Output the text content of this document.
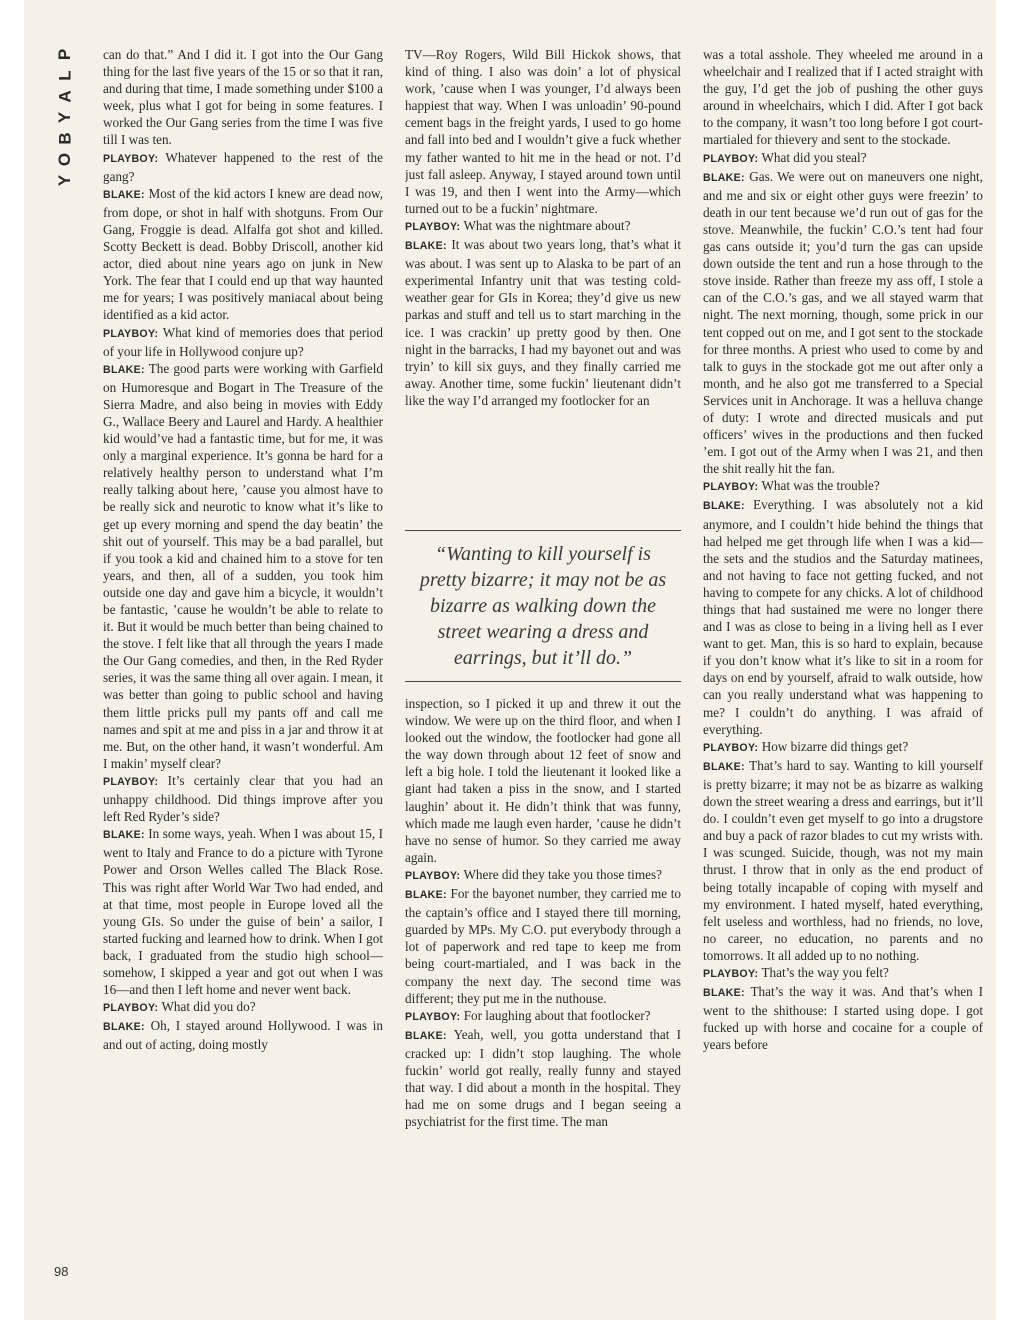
P
L
A
Y
B
O
Y

can do that.” And I did it. I got into the Our Gang thing for the last five years of the 15 or so that it ran, and during that time, I made something under $100 a week, plus what I got for being in some features. I worked the Our Gang series from the time I was five till I was ten.

PLAYBOY: Whatever happened to the rest of the gang?

BLAKE: Most of the kid actors I knew are dead now, from dope, or shot in half with shotguns. From Our Gang, Froggie is dead. Alfalfa got shot and killed. Scotty Beckett is dead. Bobby Driscoll, another kid actor, died about nine years ago on junk in New York. The fear that I could end up that way haunted me for years; I was positively maniacal about being identified as a kid actor.

PLAYBOY: What kind of memories does that period of your life in Hollywood conjure up?

BLAKE: The good parts were working with Garfield on Humoresque and Bogart in The Treasure of the Sierra Madre, and also being in movies with Eddy G., Wallace Beery and Laurel and Hardy. A healthier kid would’ve had a fantastic time, but for me, it was only a marginal experience. It’s gonna be hard for a relatively healthy person to understand what I’m really talking about here, ’cause you almost have to be really sick and neurotic to know what it’s like to get up every morning and spend the day beatin’ the shit out of yourself. This may be a bad parallel, but if you took a kid and chained him to a stove for ten years, and then, all of a sudden, you took him outside one day and gave him a bicycle, it wouldn’t be fantastic, ’cause he wouldn’t be able to relate to it. But it would be much better than being chained to the stove. I felt like that all through the years I made the Our Gang comedies, and then, in the Red Ryder series, it was the same thing all over again. I mean, it was better than going to public school and having them little pricks pull my pants off and call me names and spit at me and piss in a jar and throw it at me. But, on the other hand, it wasn’t wonderful. Am I makin’ myself clear?

PLAYBOY: It’s certainly clear that you had an unhappy childhood. Did things improve after you left Red Ryder’s side?

BLAKE: In some ways, yeah. When I was about 15, I went to Italy and France to do a picture with Tyrone Power and Orson Welles called The Black Rose. This was right after World War Two had ended, and at that time, most people in Europe loved all the young GIs. So under the guise of bein’ a sailor, I started fucking and learned how to drink. When I got back, I graduated from the studio high school—somehow, I skipped a year and got out when I was 16—and then I left home and never went back.

PLAYBOY: What did you do?

BLAKE: Oh, I stayed around Hollywood. I was in and out of acting, doing mostly

TV—Roy Rogers, Wild Bill Hickok shows, that kind of thing. I also was doin’ a lot of physical work, ’cause when I was younger, I’d always been happiest that way. When I was unloadin’ 90-pound cement bags in the freight yards, I used to go home and fall into bed and I wouldn’t give a fuck whether my father wanted to hit me in the head or not. I’d just fall asleep. Anyway, I stayed around town until I was 19, and then I went into the Army—which turned out to be a fuckin’ nightmare.

PLAYBOY: What was the nightmare about?

BLAKE: It was about two years long, that’s what it was about. I was sent up to Alaska to be part of an experimental Infantry unit that was testing cold-weather gear for GIs in Korea; they’d give us new parkas and stuff and tell us to start marching in the ice. I was crackin’ up pretty good by then. One night in the barracks, I had my bayonet out and was tryin’ to kill six guys, and they finally carried me away. Another time, some fuckin’ lieutenant didn’t like the way I’d arranged my footlocker for an

“Wanting to kill yourself is pretty bizarre; it may not be as bizarre as walking down the street wearing a dress and earrings, but it’ll do.”

inspection, so I picked it up and threw it out the window. We were up on the third floor, and when I looked out the window, the footlocker had gone all the way down through about 12 feet of snow and left a big hole. I told the lieutenant it looked like a giant had taken a piss in the snow, and I started laughin’ about it. He didn’t think that was funny, which made me laugh even harder, ’cause he didn’t have no sense of humor. So they carried me away again.

PLAYBOY: Where did they take you those times?

BLAKE: For the bayonet number, they carried me to the captain’s office and I stayed there till morning, guarded by MPs. My C.O. put everybody through a lot of paperwork and red tape to keep me from being court-martialed, and I was back in the company the next day. The second time was different; they put me in the nuthouse.

PLAYBOY: For laughing about that footlocker?

BLAKE: Yeah, well, you gotta understand that I cracked up: I didn’t stop laughing. The whole fuckin’ world got really, really funny and stayed that way. I did about a month in the hospital. They had me on some drugs and I began seeing a psychiatrist for the first time. The man

was a total asshole. They wheeled me around in a wheelchair and I realized that if I acted straight with the guy, I’d get the job of pushing the other guys around in wheelchairs, which I did. After I got back to the company, it wasn’t too long before I got court-martialed for thievery and sent to the stockade.

PLAYBOY: What did you steal?

BLAKE: Gas. We were out on maneuvers one night, and me and six or eight other guys were freezin’ to death in our tent because we’d run out of gas for the stove. Meanwhile, the fuckin’ C.O.’s tent had four gas cans outside it; you’d turn the gas can upside down outside the tent and run a hose through to the stove inside. Rather than freeze my ass off, I stole a can of the C.O.’s gas, and we all stayed warm that night. The next morning, though, some prick in our tent copped out on me, and I got sent to the stockade for three months. A priest who used to come by and talk to guys in the stockade got me out after only a month, and he also got me transferred to a Special Services unit in Anchorage. It was a helluva change of duty: I wrote and directed musicals and put officers’ wives in the productions and then fucked ’em. I got out of the Army when I was 21, and then the shit really hit the fan.

PLAYBOY: What was the trouble?

BLAKE: Everything. I was absolutely not a kid anymore, and I couldn’t hide behind the things that had helped me get through life when I was a kid—the sets and the studios and the Saturday matinees, and not having to face not getting fucked, and not having to compete for any chicks. A lot of childhood things that had sustained me were no longer there and I was as close to being in a living hell as I ever want to get. Man, this is so hard to explain, because if you don’t know what it’s like to sit in a room for days on end by yourself, afraid to walk outside, how can you really understand what was happening to me? I couldn’t do anything. I was afraid of everything.

PLAYBOY: How bizarre did things get?

BLAKE: That’s hard to say. Wanting to kill yourself is pretty bizarre; it may not be as bizarre as walking down the street wearing a dress and earrings, but it’ll do. I couldn’t even get myself to go into a drugstore and buy a pack of razor blades to cut my wrists with. I was scunged. Suicide, though, was not my main thrust. I throw that in only as the end product of being totally incapable of coping with myself and my environment. I hated myself, hated everything, felt useless and worthless, had no friends, no love, no career, no education, no parents and no tomorrows. It all added up to no nothing.

PLAYBOY: That’s the way you felt?

BLAKE: That’s the way it was. And that’s when I went to the shithouse: I started using dope. I got fucked up with horse and cocaine for a couple of years before

98
